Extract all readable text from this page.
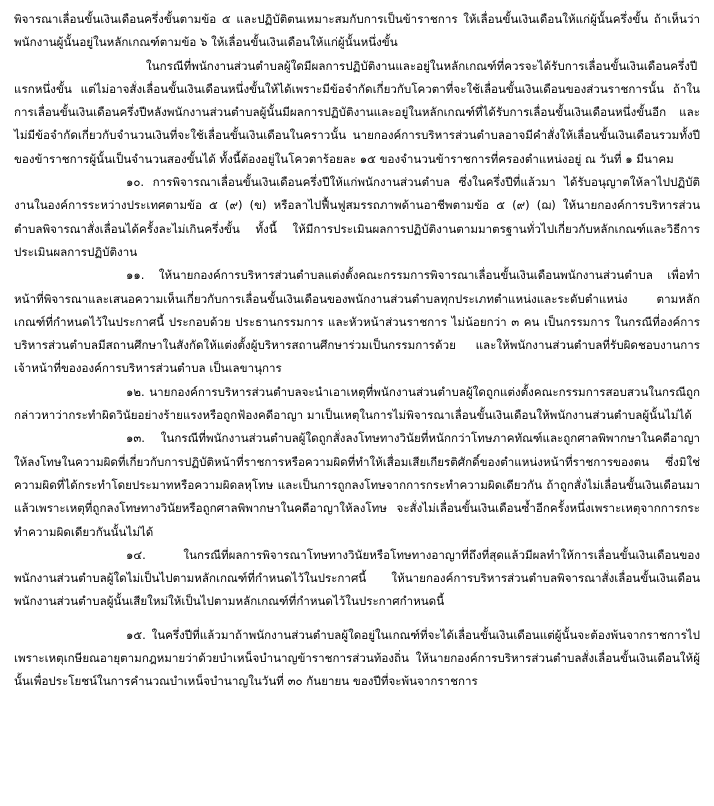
พิจารณาเลื่อนขั้นเงินเดือนครึ่งขั้นตามข้อ ๕ และปฏิบัติตนเหมาะสมกับการเป็นข้าราชการ ให้เลื่อนขั้นเงินเดือนให้แก่ผู้นั้นครึ่งขั้น ถ้าเห็นว่าพนักงานผู้นั้นอยู่ในหลักเกณฑ์ตามข้อ ๖ ให้เลื่อนขั้นเงินเดือนให้แก่ผู้นั้นหนึ่งขั้น

ในกรณีที่พนักงานส่วนตำบลผู้ใดมีผลการปฏิบัติงานและอยู่ในหลักเกณฑ์ที่ควรจะได้รับการเลื่อนขั้นเงินเดือนครึ่งปีแรกหนึ่งขั้น แต่ไม่อาจสั่งเลื่อนขั้นเงินเดือนหนึ่งขั้นให้ได้เพราะมีข้อจำกัดเกี่ยวกับโควตาที่จะใช้เลื่อนขั้นเงินเดือนของส่วนราชการนั้น ถ้าในการเลื่อนขั้นเงินเดือนครึ่งปีหลังพนักงานส่วนตำบลผู้นั้นมีผลการปฏิบัติงานและอยู่ในหลักเกณฑ์ที่ได้รับการเลื่อนขั้นเงินเดือนหนึ่งขั้นอีก และไม่มีข้อจำกัดเกี่ยวกับจำนวนเงินที่จะใช้เลื่อนขั้นเงินเดือนในคราวนั้น นายกองค์การบริหารส่วนตำบลอาจมีคำสั่งให้เลื่อนขั้นเงินเดือนรวมทั้งปีของข้าราชการผู้นั้นเป็นจำนวนสองขั้นได้ ทั้งนี้ต้องอยู่ในโควตาร้อยละ ๑๕ ของจำนวนข้าราชการที่ครองตำแหน่งอยู่ ณ วันที่ ๑ มีนาคม

๑๐. การพิจารณาเลื่อนขั้นเงินเดือนครึ่งปีให้แก่พนักงานส่วนตำบล ซึ่งในครึ่งปีที่แล้วมา ได้รับอนุญาตให้ลาไปปฏิบัติงานในองค์การระหว่างประเทศตามข้อ ๕ (๙) (ข) หรือลาไปฟื้นฟูสมรรถภาพด้านอาชีพตามข้อ ๕ (๙) (ฌ) ให้นายกองค์การบริหารส่วนตำบลพิจารณาสั่งเลื่อนได้ครั้งละไม่เกินครึ่งขั้น ทั้งนี้ ให้มีการประเมินผลการปฏิบัติงานตามมาตรฐานทั่วไปเกี่ยวกับหลักเกณฑ์และวิธีการประเมินผลการปฏิบัติงาน

๑๑. ให้นายกองค์การบริหารส่วนตำบลแต่งตั้งคณะกรรมการพิจารณาเลื่อนขั้นเงินเดือนพนักงานส่วนตำบล เพื่อทำหน้าที่พิจารณาและเสนอความเห็นเกี่ยวกับการเลื่อนขั้นเงินเดือนของพนักงานส่วนตำบลทุกประเภทตำแหน่งและระดับตำแหน่ง ตามหลักเกณฑ์ที่กำหนดไว้ในประกาศนี้ ประกอบด้วย ประธานกรรมการ และหัวหน้าส่วนราชการ ไม่น้อยกว่า ๓ คน เป็นกรรมการ ในกรณีที่องค์การบริหารส่วนตำบลมีสถานศึกษาในสังกัดให้แต่งตั้งผู้บริหารสถานศึกษาร่วมเป็นกรรมการด้วย และให้พนักงานส่วนตำบลที่รับผิดชอบงานการเจ้าหน้าที่ขององค์การบริหารส่วนตำบล เป็นเลขานุการ

๑๒. นายกองค์การบริหารส่วนตำบลจะนำเอาเหตุที่พนักงานส่วนตำบลผู้ใดถูกแต่งตั้งคณะกรรมการสอบสวนในกรณีถูกกล่าวหาว่ากระทำผิดวินัยอย่างร้ายแรงหรือถูกฟ้องคดีอาญา มาเป็นเหตุในการไม่พิจารณาเลื่อนขั้นเงินเดือนให้พนักงานส่วนตำบลผู้นั้นไม่ได้

๑๓. ในกรณีที่พนักงานส่วนตำบลผู้ใดถูกสั่งลงโทษทางวินัยที่หนักกว่าโทษภาคทัณฑ์และถูกศาลพิพากษาในคดีอาญาให้ลงโทษในความผิดที่เกี่ยวกับการปฏิบัติหน้าที่ราชการหรือความผิดที่ทำให้เสื่อมเสียเกียรติศักดิ์ของตำแหน่งหน้าที่ราชการของตน ซึ่งมิใช่ความผิดที่ได้กระทำโดยประมาทหรือความผิดลหุโทษ และเป็นการถูกลงโทษจากการกระทำความผิดเดียวกัน ถ้าถูกสั่งไม่เลื่อนขั้นเงินเดือนมาแล้วเพราะเหตุที่ถูกลงโทษทางวินัยหรือถูกศาลพิพากษาในคดีอาญาให้ลงโทษ จะสั่งไม่เลื่อนขั้นเงินเดือนซ้ำอีกครั้งหนึ่งเพราะเหตุจากการกระทำความผิดเดียวกันนั้นไม่ได้

๑๔.	ในกรณีที่ผลการพิจารณาโทษทางวินัยหรือโทษทางอาญาที่ถึงที่สุดแล้วมีผลทำให้การเลื่อนขั้นเงินเดือนของพนักงานส่วนตำบลผู้ใดไม่เป็นไปตามหลักเกณฑ์ที่กำหนดไว้ในประกาศนี้ ให้นายกองค์การบริหารส่วนตำบลพิจารณาสั่งเลื่อนขั้นเงินเดือนพนักงานส่วนตำบลผู้นั้นเสียใหม่ให้เป็นไปตามหลักเกณฑ์ที่กำหนดไว้ในประกาศกำหนดนี้

๑๕. ในครึ่งปีที่แล้วมาถ้าพนักงานส่วนตำบลผู้ใดอยู่ในเกณฑ์ที่จะได้เลื่อนขั้นเงินเดือนแต่ผู้นั้นจะต้องพ้นจากราชการไปเพราะเหตุเกษียณอายุตามกฎหมายว่าด้วยบำเหน็จบำนาญข้าราชการส่วนท้องถิ่น ให้นายกองค์การบริหารส่วนตำบลสั่งเลื่อนขั้นเงินเดือนให้ผู้นั้นเพื่อประโยชน์ในการคำนวณบำเหน็จบำนาญในวันที่ ๓๐ กันยายน ของปีที่จะพ้นจากราชการ
